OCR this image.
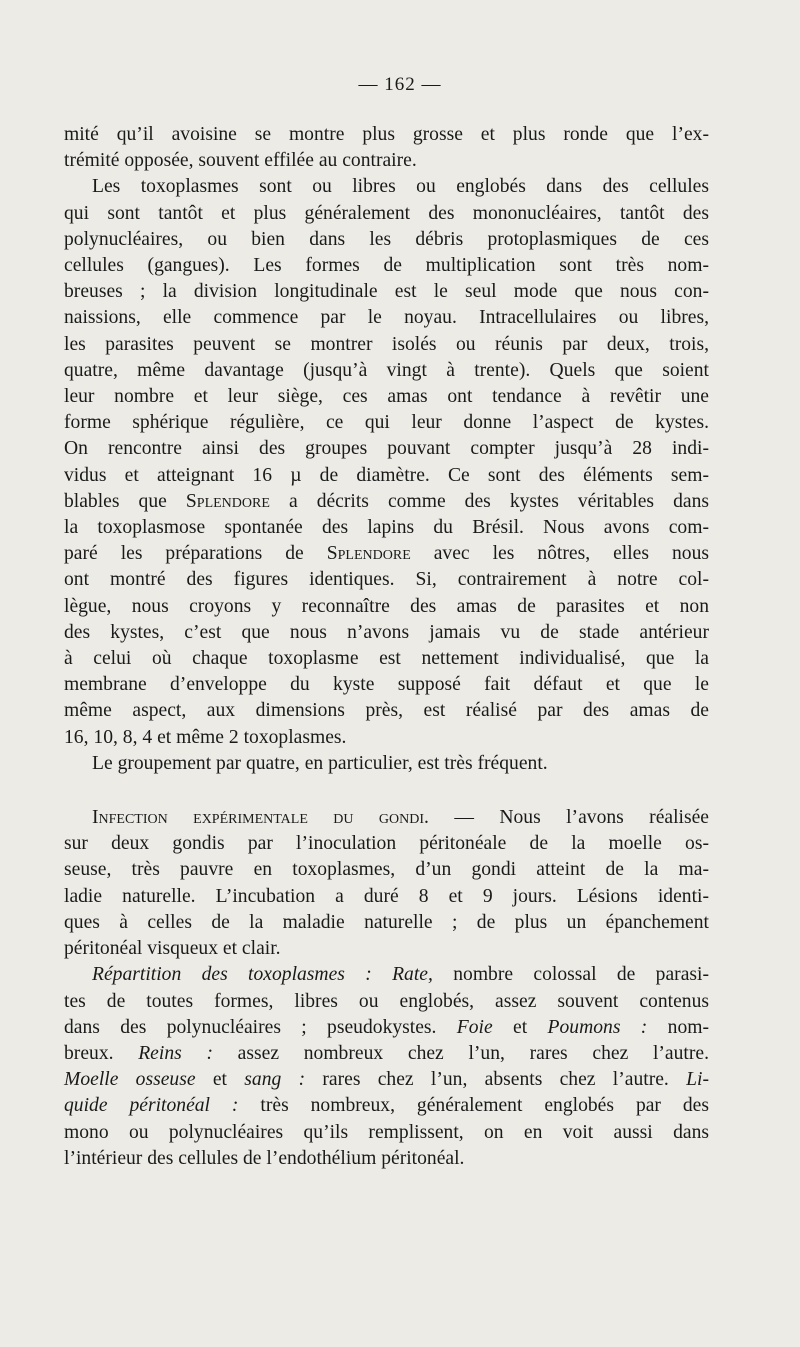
— 162 —
mité qu’il avoisine se montre plus grosse et plus ronde que l’ex-
trémité opposée, souvent effilée au contraire.
Les toxoplasmes sont ou libres ou englobés dans des cellules
qui sont tantôt et plus généralement des mononucléaires, tantôt des
polynucléaires, ou bien dans les débris protoplasmiques de ces
cellules (gangues). Les formes de multiplication sont très nom-
breuses ; la division longitudinale est le seul mode que nous con-
naissions, elle commence par le noyau. Intracellulaires ou libres,
les parasites peuvent se montrer isolés ou réunis par deux, trois,
quatre, même davantage (jusqu’à vingt à trente). Quels que soient
leur nombre et leur siège, ces amas ont tendance à revêtir une
forme sphérique régulière, ce qui leur donne l’aspect de kystes.
On rencontre ainsi des groupes pouvant compter jusqu’à 28 indi-
vidus et atteignant 16 µ de diamètre. Ce sont des éléments sem-
blables que Splendore a décrits comme des kystes véritables dans
la toxoplasmose spontanée des lapins du Brésil. Nous avons com-
paré les préparations de Splendore avec les nôtres, elles nous
ont montré des figures identiques. Si, contrairement à notre col-
lègue, nous croyons y reconnaître des amas de parasites et non
des kystes, c’est que nous n’avons jamais vu de stade antérieur
à celui où chaque toxoplasme est nettement individualisé, que la
membrane d’enveloppe du kyste supposé fait défaut et que le
même aspect, aux dimensions près, est réalisé par des amas de
16, 10, 8, 4 et même 2 toxoplasmes.
Le groupement par quatre, en particulier, est très fréquent.
Infection expérimentale du gondi. — Nous l’avons réalisée
sur deux gondis par l’inoculation péritonéale de la moelle os-
seuse, très pauvre en toxoplasmes, d’un gondi atteint de la ma-
ladie naturelle. L’incubation a duré 8 et 9 jours. Lésions identi-
ques à celles de la maladie naturelle ; de plus un épanchement
péritonéal visqueux et clair.
Répartition des toxoplasmes : Rate, nombre colossal de parasi-
tes de toutes formes, libres ou englobés, assez souvent contenus
dans des polynucléaires ; pseudokystes. Foie et Poumons : nom-
breux. Reins : assez nombreux chez l’un, rares chez l’autre.
Moelle osseuse et sang : rares chez l’un, absents chez l’autre. Li-
quide péritonéal : très nombreux, généralement englobés par des
mono ou polynucléaires qu’ils remplissent, on en voit aussi dans
l’intérieur des cellules de l’endothélium péritonéal.
